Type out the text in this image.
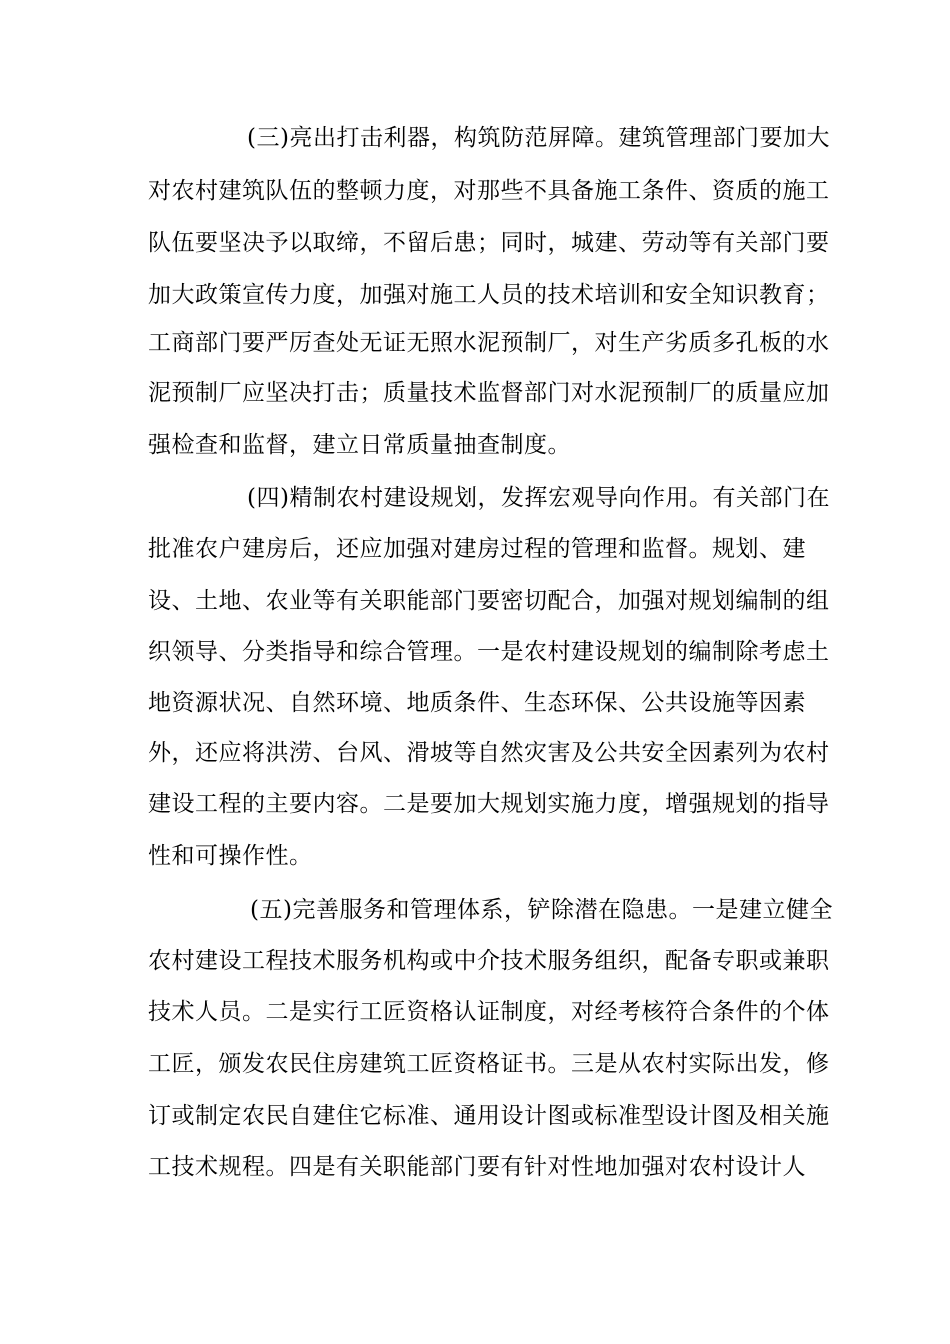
(三)亮出打击利器，构筑防范屏障。建筑管理部门要加大
对农村建筑队伍的整顿力度，对那些不具备施工条件、资质的施工
队伍要坚决予以取缔，不留后患；同时，城建、劳动等有关部门要
加大政策宣传力度，加强对施工人员的技术培训和安全知识教育；
工商部门要严厉查处无证无照水泥预制厂，对生产劣质多孔板的水
泥预制厂应坚决打击；质量技术监督部门对水泥预制厂的质量应加
强检查和监督，建立日常质量抽查制度。
(四)精制农村建设规划，发挥宏观导向作用。有关部门在
批准农户建房后，还应加强对建房过程的管理和监督。规划、建
设、土地、农业等有关职能部门要密切配合，加强对规划编制的组
织领导、分类指导和综合管理。一是农村建设规划的编制除考虑土
地资源状况、自然环境、地质条件、生态环保、公共设施等因素
外，还应将洪涝、台风、滑坡等自然灾害及公共安全因素列为农村
建设工程的主要内容。二是要加大规划实施力度，增强规划的指导
性和可操作性。
(五)完善服务和管理体系，铲除潜在隐患。一是建立健全
农村建设工程技术服务机构或中介技术服务组织，配备专职或兼职
技术人员。二是实行工匠资格认证制度，对经考核符合条件的个体
工匠，颁发农民住房建筑工匠资格证书。三是从农村实际出发，修
订或制定农民自建住它标准、通用设计图或标准型设计图及相关施
工技术规程。四是有关职能部门要有针对性地加强对农村设计人
